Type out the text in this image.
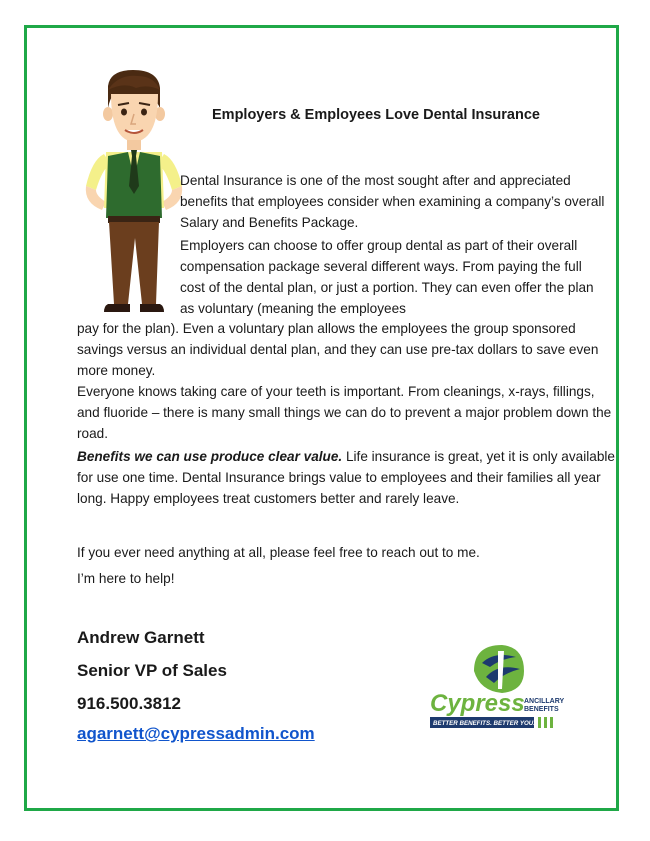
Employers & Employees Love Dental Insurance

Dental Insurance is one of the most sought after and appreciated benefits that employees consider when examining a company’s overall Salary and Benefits Package.

Employers can choose to offer group dental as part of their overall compensation package several different ways. From paying the full cost of the dental plan, or just a portion. They can even offer the plan as voluntary (meaning the employees

pay for the plan). Even a voluntary plan allows the employees the group sponsored savings versus an individual dental plan, and they can use pre-tax dollars to save even more money.

Everyone knows taking care of your teeth is important. From cleanings, x-rays, fillings, and fluoride – there is many small things we can do to prevent a major problem down the road.

Benefits we can use produce clear value. Life insurance is great, yet it is only available for use one time. Dental Insurance brings value to employees and their families all year long. Happy employees treat customers better and rarely leave.

If you ever need anything at all, please feel free to reach out to me.

I’m here to help!

Andrew Garnett
Senior VP of Sales
916.500.3812
agarnett@cypressadmin.com
Cypress ANCILLARY
BENEFITS
BETTER BENEFITS. BETTER YOU.
